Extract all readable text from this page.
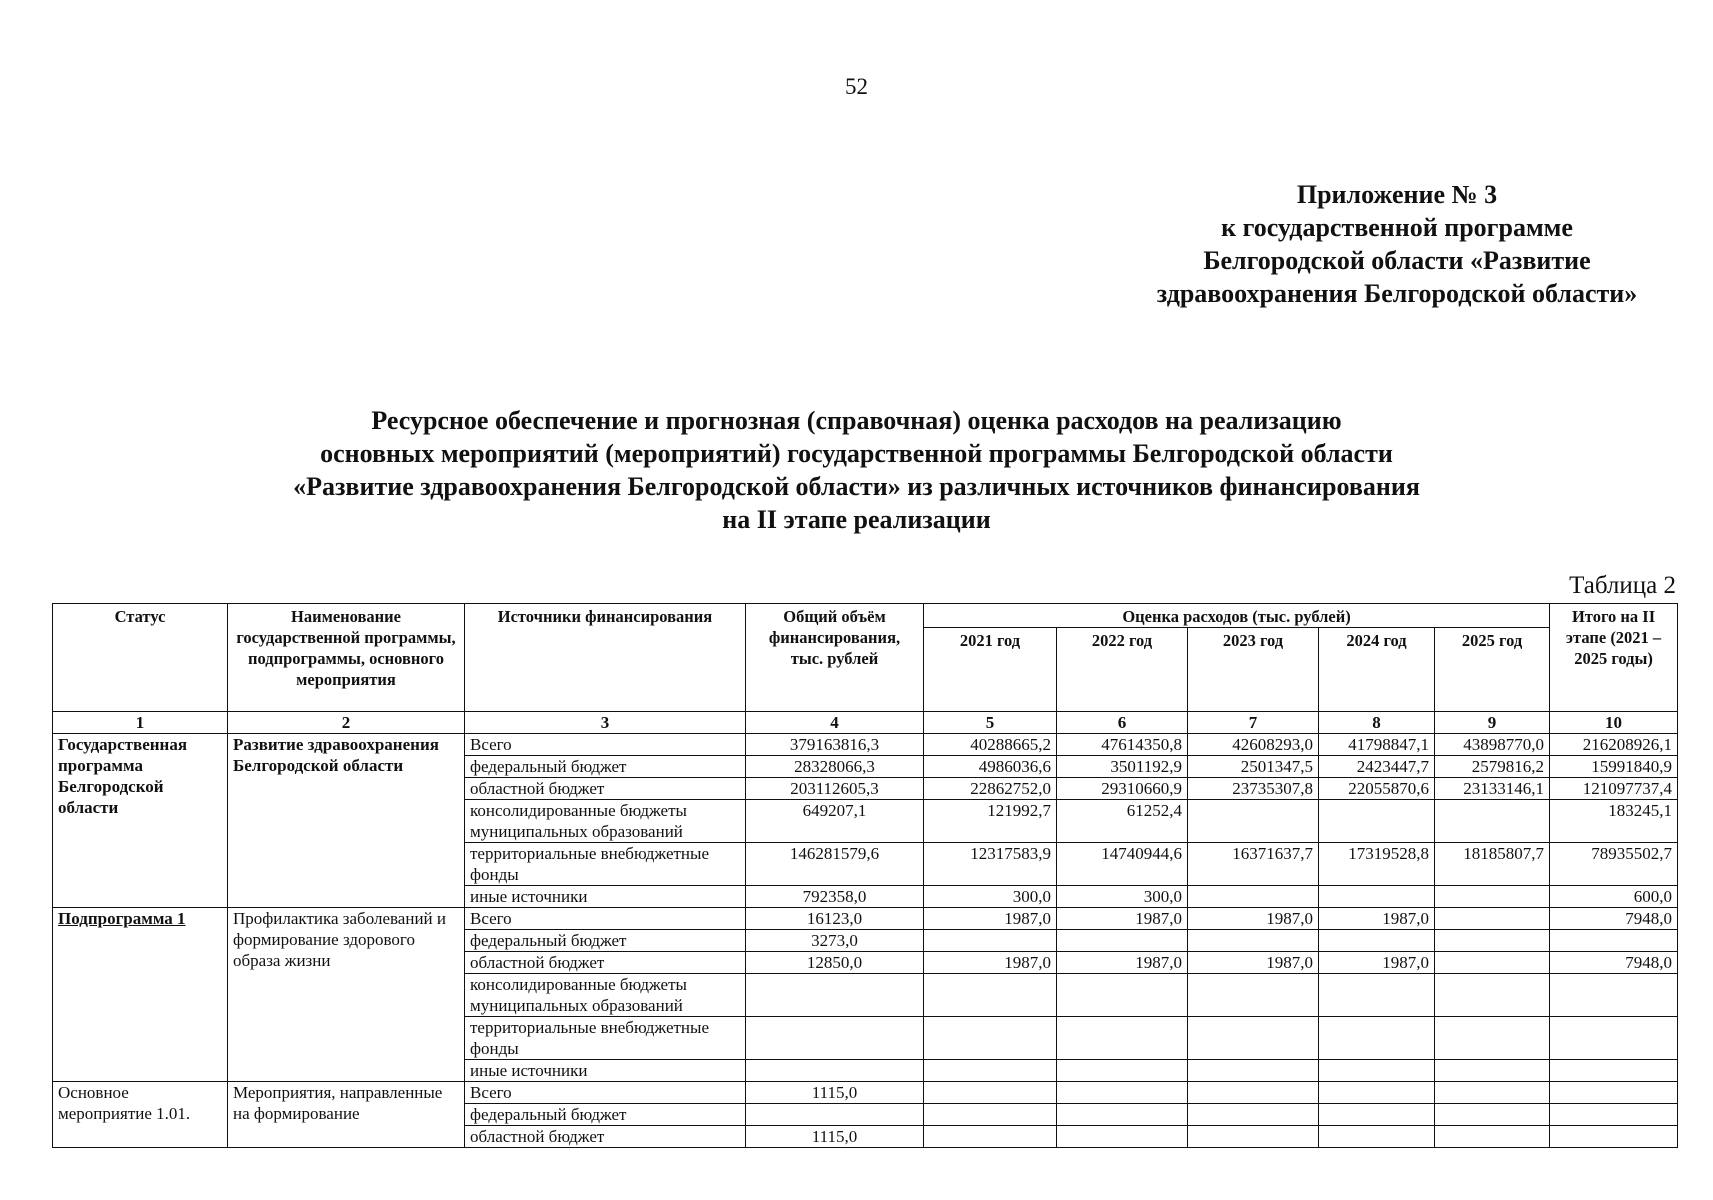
52
Приложение № 3
к государственной программе
Белгородской области «Развитие
здравоохранения Белгородской области»
Ресурсное обеспечение и прогнозная (справочная) оценка расходов на реализацию
основных мероприятий (мероприятий) государственной программы Белгородской области
«Развитие здравоохранения Белгородской области» из различных источников финансирования
на II этапе реализации
Таблица 2
Статус	Наименование государственной программы, подпрограммы, основного мероприятия	Источники финансирования	Общий объём финансирования, тыс. рублей	Оценка расходов (тыс. рублей)					Итого на II этапе (2021 – 2025 годы)
				2021 год	2022 год	2023 год	2024 год	2025 год	
1	2	3	4	5	6	7	8	9	10
Государственная программа Белгородской области	Развитие здравоохранения Белгородской области	Всего	379163816,3	40288665,2	47614350,8	42608293,0	41798847,1	43898770,0	216208926,1
		федеральный бюджет	28328066,3	4986036,6	3501192,9	2501347,5	2423447,7	2579816,2	15991840,9
		областной бюджет	203112605,3	22862752,0	29310660,9	23735307,8	22055870,6	23133146,1	121097737,4
		консолидированные бюджеты муниципальных образований	649207,1	121992,7	61252,4				183245,1
		территориальные внебюджетные фонды	146281579,6	12317583,9	14740944,6	16371637,7	17319528,8	18185807,7	78935502,7
		иные источники	792358,0	300,0	300,0				600,0
Подпрограмма 1	Профилактика заболеваний и формирование здорового образа жизни	Всего	16123,0	1987,0	1987,0	1987,0	1987,0		7948,0
		федеральный бюджет	3273,0						
		областной бюджет	12850,0	1987,0	1987,0	1987,0	1987,0		7948,0
		консолидированные бюджеты муниципальных образований							
		территориальные внебюджетные фонды							
		иные источники							
Основное мероприятие 1.01.	Мероприятия, направленные на формирование	Всего	1115,0						
		федеральный бюджет							
		областной бюджет	1115,0						
